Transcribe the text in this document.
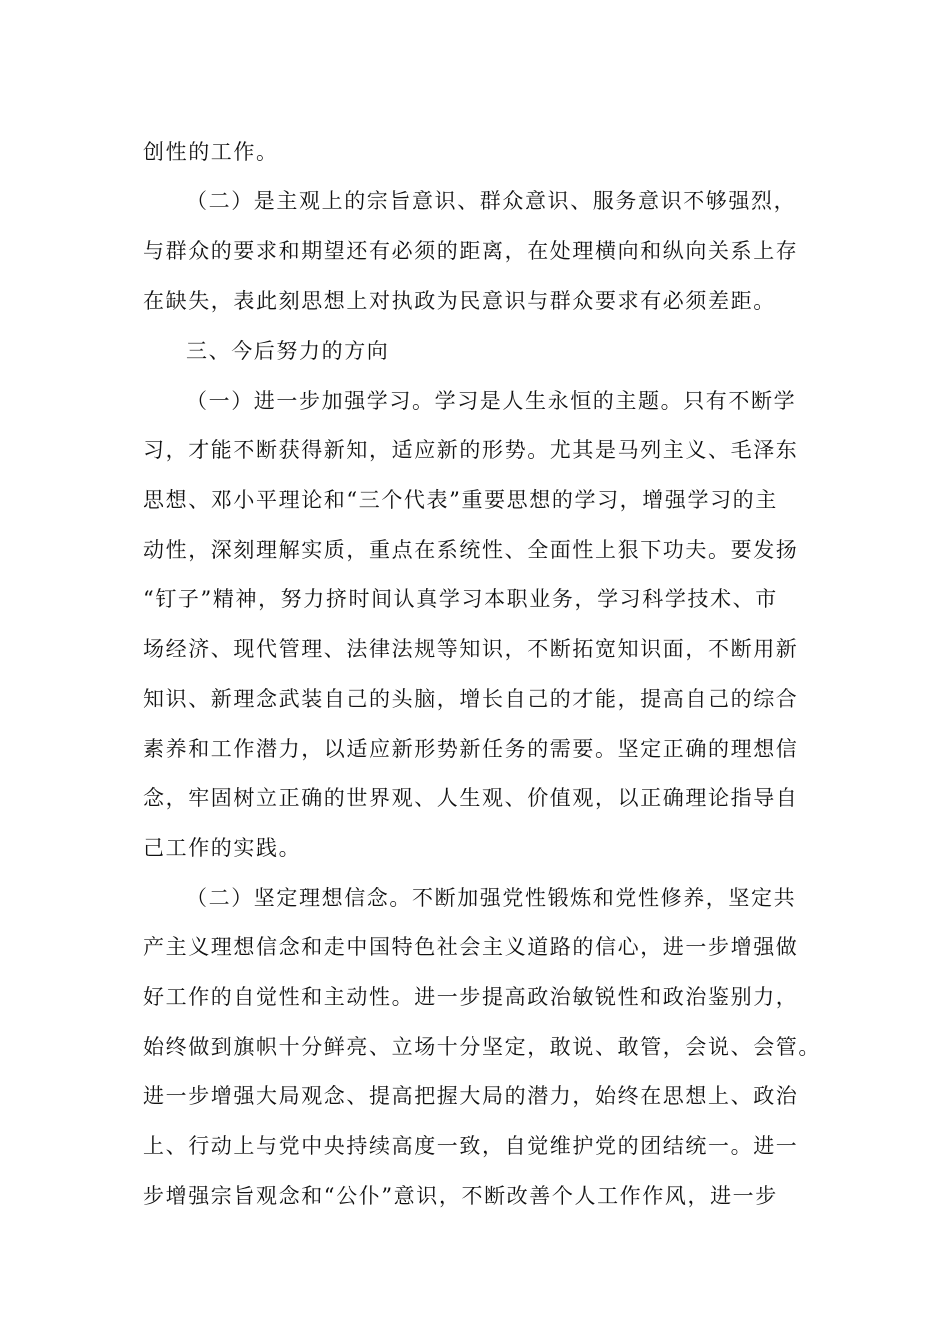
创性的工作。

（二）是主观上的宗旨意识、群众意识、服务意识不够强烈，

与群众的要求和期望还有必须的距离，在处理横向和纵向关系上存

在缺失，表此刻思想上对执政为民意识与群众要求有必须差距。

三、今后努力的方向

（一）进一步加强学习。学习是人生永恒的主题。只有不断学

习，才能不断获得新知，适应新的形势。尤其是马列主义、毛泽东

思想、邓小平理论和“三个代表”重要思想的学习，增强学习的主

动性，深刻理解实质，重点在系统性、全面性上狠下功夫。要发扬

“钉子”精神，努力挤时间认真学习本职业务，学习科学技术、市

场经济、现代管理、法律法规等知识，不断拓宽知识面，不断用新

知识、新理念武装自己的头脑，增长自己的才能，提高自己的综合

素养和工作潜力，以适应新形势新任务的需要。坚定正确的理想信

念，牢固树立正确的世界观、人生观、价值观，以正确理论指导自

己工作的实践。

（二）坚定理想信念。不断加强党性锻炼和党性修养，坚定共

产主义理想信念和走中国特色社会主义道路的信心，进一步增强做

好工作的自觉性和主动性。进一步提高政治敏锐性和政治鉴别力，

始终做到旗帜十分鲜亮、立场十分坚定，敢说、敢管，会说、会管。

进一步增强大局观念、提高把握大局的潜力，始终在思想上、政治

上、行动上与党中央持续高度一致，自觉维护党的团结统一。进一

步增强宗旨观念和“公仆”意识，不断改善个人工作作风，进一步
